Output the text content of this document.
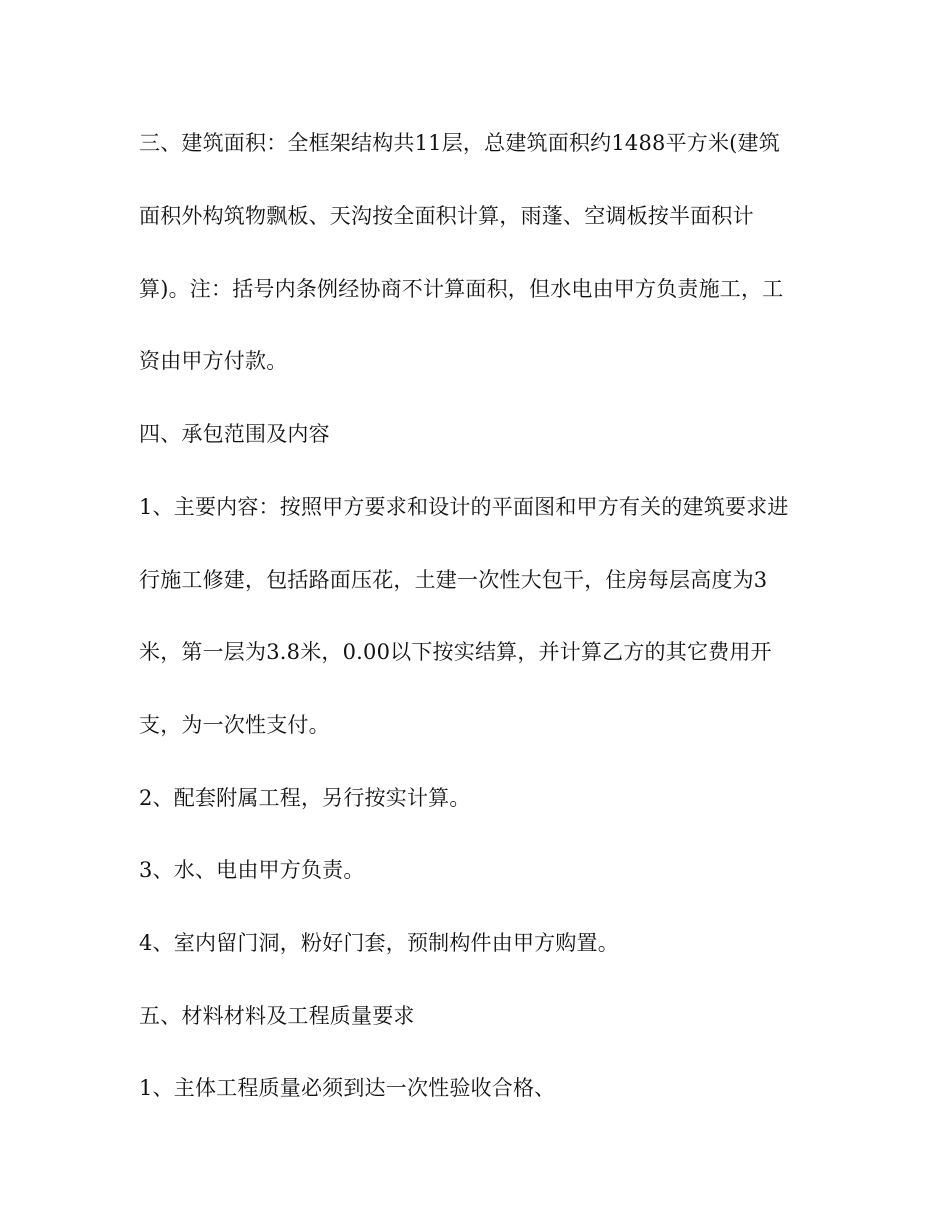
三、建筑面积：全框架结构共11层，总建筑面积约1488平方米(建筑
面积外构筑物飘板、天沟按全面积计算，雨蓬、空调板按半面积计
算)。注：括号内条例经协商不计算面积，但水电由甲方负责施工，工
资由甲方付款。
四、承包范围及内容
1、主要内容：按照甲方要求和设计的平面图和甲方有关的建筑要求进
行施工修建，包括路面压花，土建一次性大包干，住房每层高度为3
米，第一层为3.8米，0.00以下按实结算，并计算乙方的其它费用开
支，为一次性支付。
2、配套附属工程，另行按实计算。
3、水、电由甲方负责。
4、室内留门洞，粉好门套，预制构件由甲方购置。
五、材料材料及工程质量要求
1、主体工程质量必须到达一次性验收合格、
